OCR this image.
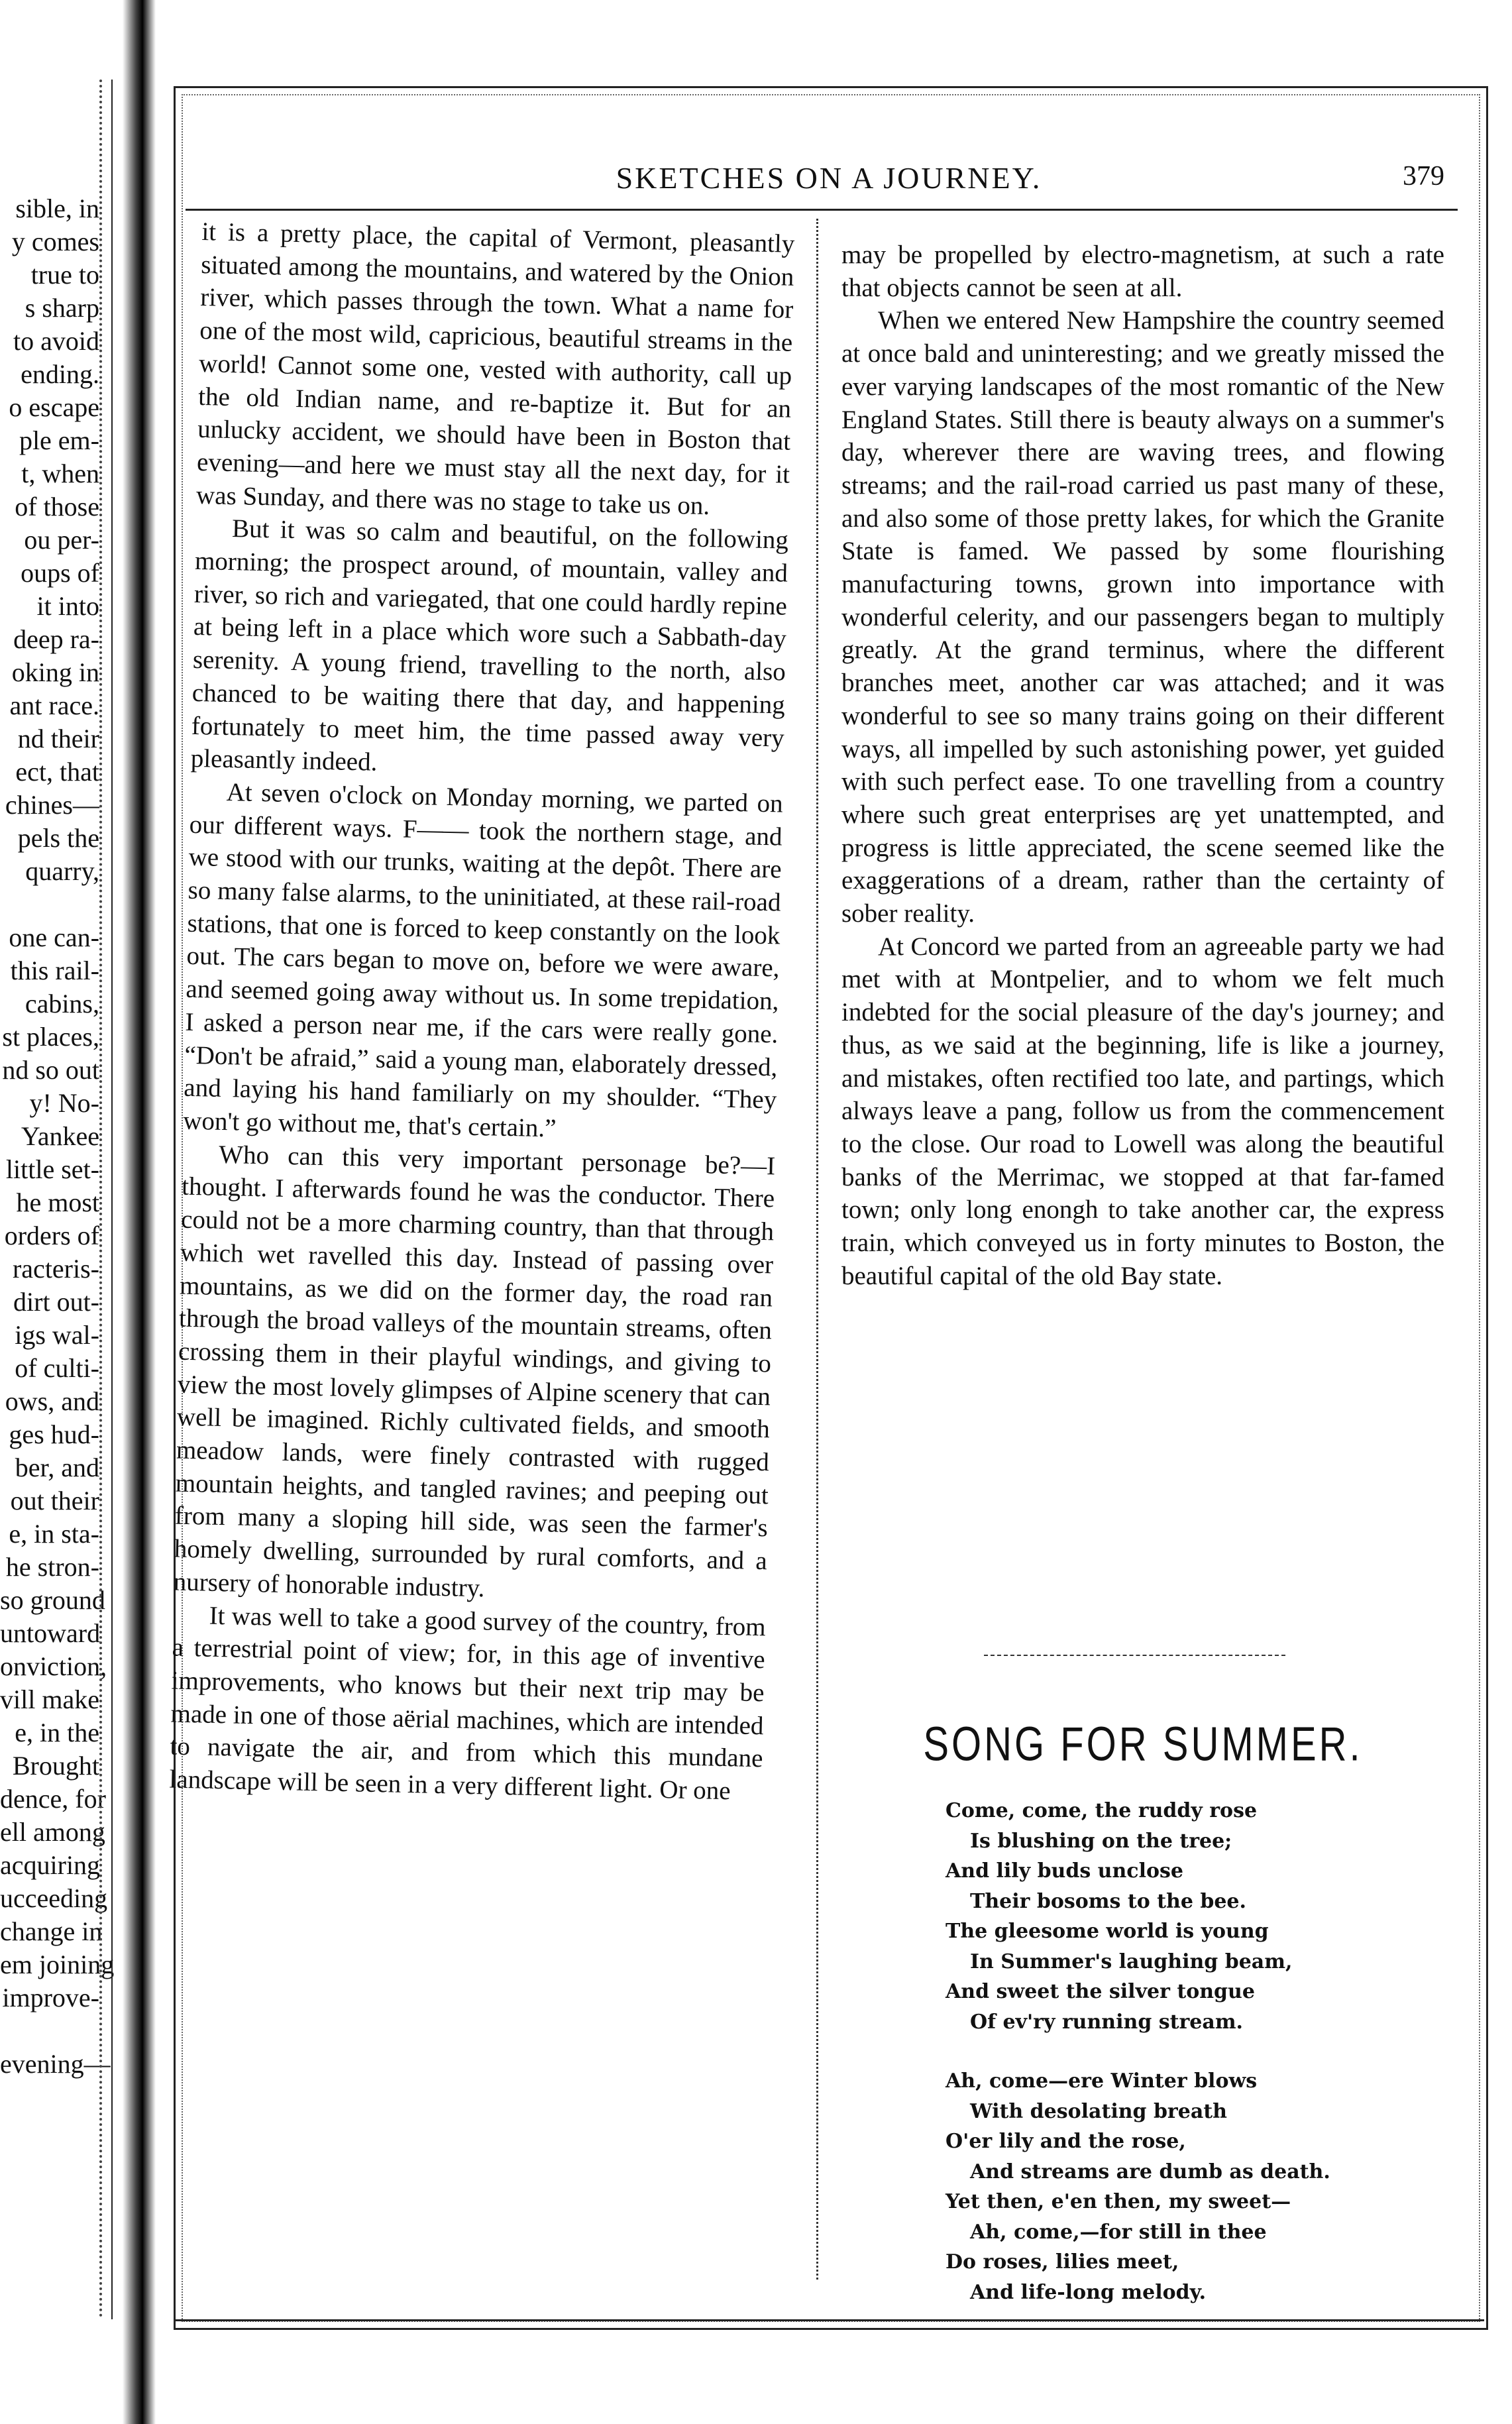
sible, in
y comes
true to
s sharp
to avoid
ending.
o escape
ple em-
t, when
of those
ou per-
oups of
it into
deep ra-
oking in
ant race.
nd their
ect, that
chines—
pels the
quarry,

one can-
this rail-
cabins,
st places,
nd so out
y! No-
Yankee
little set-
he most
orders of
racteris-
dirt out-
igs wal-
of culti-
ows, and
ges hud-
ber, and
out their
e, in sta-
he stron-
so ground
untoward
onviction,
vill make
e, in the
Brought
dence, for
ell among
acquiring
ucceeding
change in
em joining
improve-

evening—
SKETCHES ON A JOURNEY.	379

it is a pretty place, the capital of Vermont, pleasantly situated among the mountains, and watered by the Onion river, which passes through the town. What a name for one of the most wild, capricious, beautiful streams in the world! Cannot some one, vested with authority, call up the old Indian name, and re-baptize it. But for an unlucky accident, we should have been in Boston that evening—and here we must stay all the next day, for it was Sunday, and there was no stage to take us on.

But it was so calm and beautiful, on the following morning; the prospect around, of mountain, valley and river, so rich and variegated, that one could hardly repine at being left in a place which wore such a Sabbath-day serenity. A young friend, travelling to the north, also chanced to be waiting there that day, and happening fortunately to meet him, the time passed away very pleasantly indeed.

At seven o'clock on Monday morning, we parted on our different ways. F—— took the northern stage, and we stood with our trunks, waiting at the depôt. There are so many false alarms, to the uninitiated, at these rail-road stations, that one is forced to keep constantly on the look out. The cars began to move on, before we were aware, and seemed going away without us. In some trepidation, I asked a person near me, if the cars were really gone. “Don't be afraid,” said a young man, elaborately dressed, and laying his hand familiarly on my shoulder. “They won't go without me, that's certain.”

Who can this very important personage be?—I thought. I afterwards found he was the conductor. There could not be a more charming country, than that through which wet ravelled this day. Instead of passing over mountains, as we did on the former day, the road ran through the broad valleys of the mountain streams, often crossing them in their playful windings, and giving to view the most lovely glimpses of Alpine scenery that can well be imagined. Richly cultivated fields, and smooth meadow lands, were finely contrasted with rugged mountain heights, and tangled ravines; and peeping out from many a sloping hill side, was seen the farmer's homely dwelling, surrounded by rural comforts, and a nursery of honorable industry.

It was well to take a good survey of the country, from a terrestrial point of view; for, in this age of inventive improvements, who knows but their next trip may be made in one of those aërial machines, which are intended to navigate the air, and from which this mundane landscape will be seen in a very different light. Or one

may be propelled by electro-magnetism, at such a rate that objects cannot be seen at all.

When we entered New Hampshire the country seemed at once bald and uninteresting; and we greatly missed the ever varying landscapes of the most romantic of the New England States. Still there is beauty always on a summer's day, wherever there are waving trees, and flowing streams; and the rail-road carried us past many of these, and also some of those pretty lakes, for which the Granite State is famed. We passed by some flourishing manufacturing towns, grown into importance with wonderful celerity, and our passengers began to multiply greatly. At the grand terminus, where the different branches meet, another car was attached; and it was wonderful to see so many trains going on their different ways, all impelled by such astonishing power, yet guided with such perfect ease. To one travelling from a country where such great enterprises arę yet unattempted, and progress is little appreciated, the scene seemed like the exaggerations of a dream, rather than the certainty of sober reality.

At Concord we parted from an agreeable party we had met with at Montpelier, and to whom we felt much indebted for the social pleasure of the day's journey; and thus, as we said at the beginning, life is like a journey, and mistakes, often rectified too late, and partings, which always leave a pang, follow us from the commencement to the close. Our road to Lowell was along the beautiful banks of the Merrimac, we stopped at that far-famed town; only long enongh to take another car, the express train, which conveyed us in forty minutes to Boston, the beautiful capital of the old Bay state.

SONG FOR SUMMER.
Come, come, the ruddy rose
Is blushing on the tree;
And lily buds unclose
Their bosoms to the bee.
The gleesome world is young
In Summer's laughing beam,
And sweet the silver tongue
Of ev'ry running stream.
Ah, come—ere Winter blows
With desolating breath
O'er lily and the rose,
And streams are dumb as death.
Yet then, e'en then, my sweet—
Ah, come,—for still in thee
Do roses, lilies meet,
And life-long melody.
